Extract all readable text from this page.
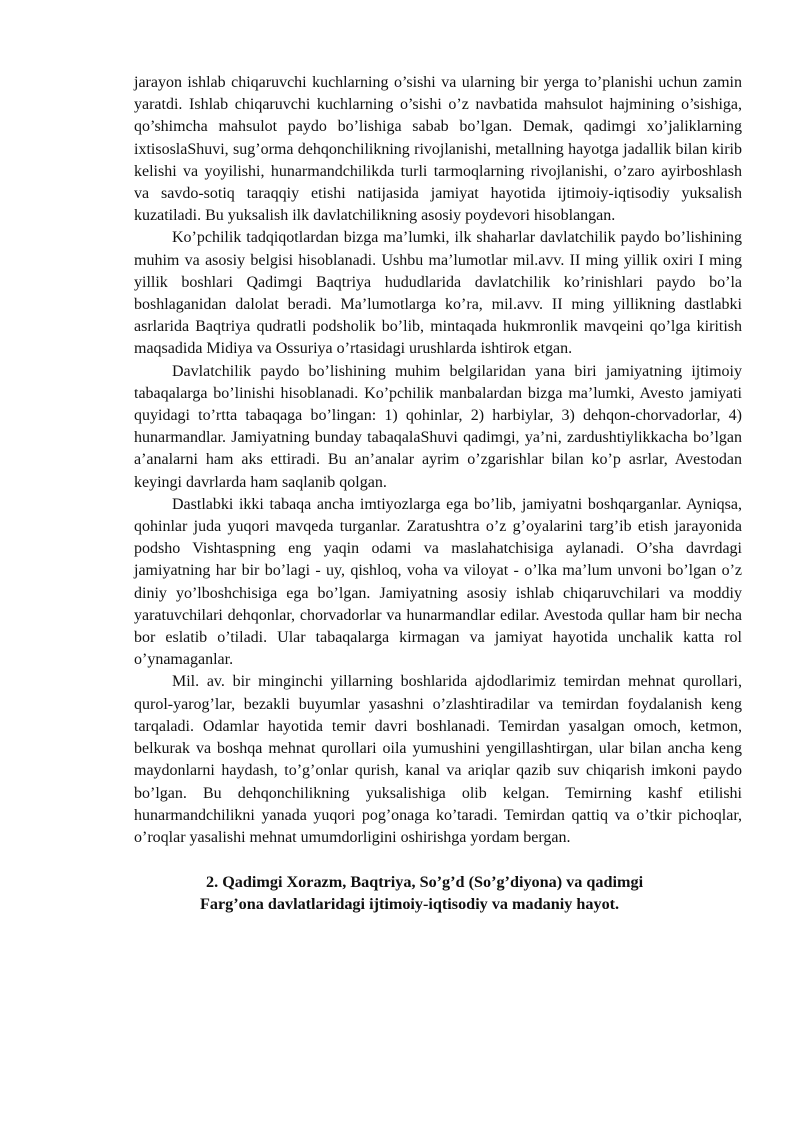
jarayon ishlab chiqaruvchi kuchlarning o’sishi va ularning bir yerga to’planishi uchun zamin yaratdi. Ishlab chiqaruvchi kuchlarning o’sishi o’z navbatida mahsulot hajmining o’sishiga, qo’shimcha mahsulot paydo bo’lishiga sabab bo’lgan. Demak, qadimgi xo’jaliklarning ixtisoslaShuvi, sug’orma dehqonchilikning rivojlanishi, metallning hayotga jadallik bilan kirib kelishi va yoyilishi, hunarmandchilikda turli tarmoqlarning rivojlanishi, o’zaro ayirboshlash va savdo-sotiq taraqqiy etishi natijasida jamiyat hayotida ijtimoiy-iqtisodiy yuksalish kuzatiladi. Bu yuksalish ilk davlatchilikning asosiy poydevori hisoblangan.

Ko’pchilik tadqiqotlardan bizga ma’lumki, ilk shaharlar davlatchilik paydo bo’lishining muhim va asosiy belgisi hisoblanadi. Ushbu ma’lumotlar mil.avv. II ming yillik oxiri I ming yillik boshlari Qadimgi Baqtriya hududlarida davlatchilik ko’rinishlari paydo bo’la boshlaganidan dalolat beradi. Ma’lumotlarga ko’ra, mil.avv. II ming yillikning dastlabki asrlarida Baqtriya qudratli podsholik bo’lib, mintaqada hukmronlik mavqeini qo’lga kiritish maqsadida Midiya va Ossuriya o’rtasidagi urushlarda ishtirok etgan.

Davlatchilik paydo bo’lishining muhim belgilaridan yana biri jamiyatning ijtimoiy tabaqalarga bo’linishi hisoblanadi. Ko’pchilik manbalardan bizga ma’lumki, Avesto jamiyati quyidagi to’rtta tabaqaga bo’lingan: 1) qohinlar, 2) harbiylar, 3) dehqon-chorvadorlar, 4) hunarmandlar. Jamiyatning bunday tabaqalaShuvi qadimgi, ya’ni, zardushtiylikkacha bo’lgan a’analarni ham aks ettiradi. Bu an’analar ayrim o’zgarishlar bilan ko’p asrlar, Avestodan keyingi davrlarda ham saqlanib qolgan.

Dastlabki ikki tabaqa ancha imtiyozlarga ega bo’lib, jamiyatni boshqarganlar. Ayniqsa, qohinlar juda yuqori mavqeda turganlar. Zaratushtra o’z g’oyalarini targ’ib etish jarayonida podsho Vishtaspning eng yaqin odami va maslahatchisiga aylanadi. O’sha davrdagi jamiyatning har bir bo’lagi - uy, qishloq, voha va viloyat - o’lka ma’lum unvoni bo’lgan o’z diniy yo’lboshchisiga ega bo’lgan. Jamiyatning asosiy ishlab chiqaruvchilari va moddiy yaratuvchilari dehqonlar, chorvadorlar va hunarmandlar edilar. Avestoda qullar ham bir necha bor eslatib o’tiladi. Ular tabaqalarga kirmagan va jamiyat hayotida unchalik katta rol o’ynamaganlar.

Mil. av. bir minginchi yillarning boshlarida ajdodlarimiz temirdan mehnat qurollari, qurol-yarog’lar, bezakli buyumlar yasashni o’zlashtiradilar va temirdan foydalanish keng tarqaladi. Odamlar hayotida temir davri boshlanadi. Temirdan yasalgan omoch, ketmon, belkurak va boshqa mehnat qurollari oila yumushini yengillashtirgan, ular bilan ancha keng maydonlarni haydash, to’g’onlar qurish, kanal va ariqlar qazib suv chiqarish imkoni paydo bo’lgan. Bu dehqonchilikning yuksalishiga olib kelgan. Temirning kashf etilishi hunarmandchilikni yanada yuqori pog’onaga ko’taradi. Temirdan qattiq va o’tkir pichoqlar, o’roqlar yasalishi mehnat umumdorligini oshirishga yordam bergan.

2. Qadimgi Xorazm, Baqtriya, So’g’d (So’g’diyona) va qadimgi
Farg’ona davlatlaridagi ijtimoiy-iqtisodiy va madaniy hayot.
